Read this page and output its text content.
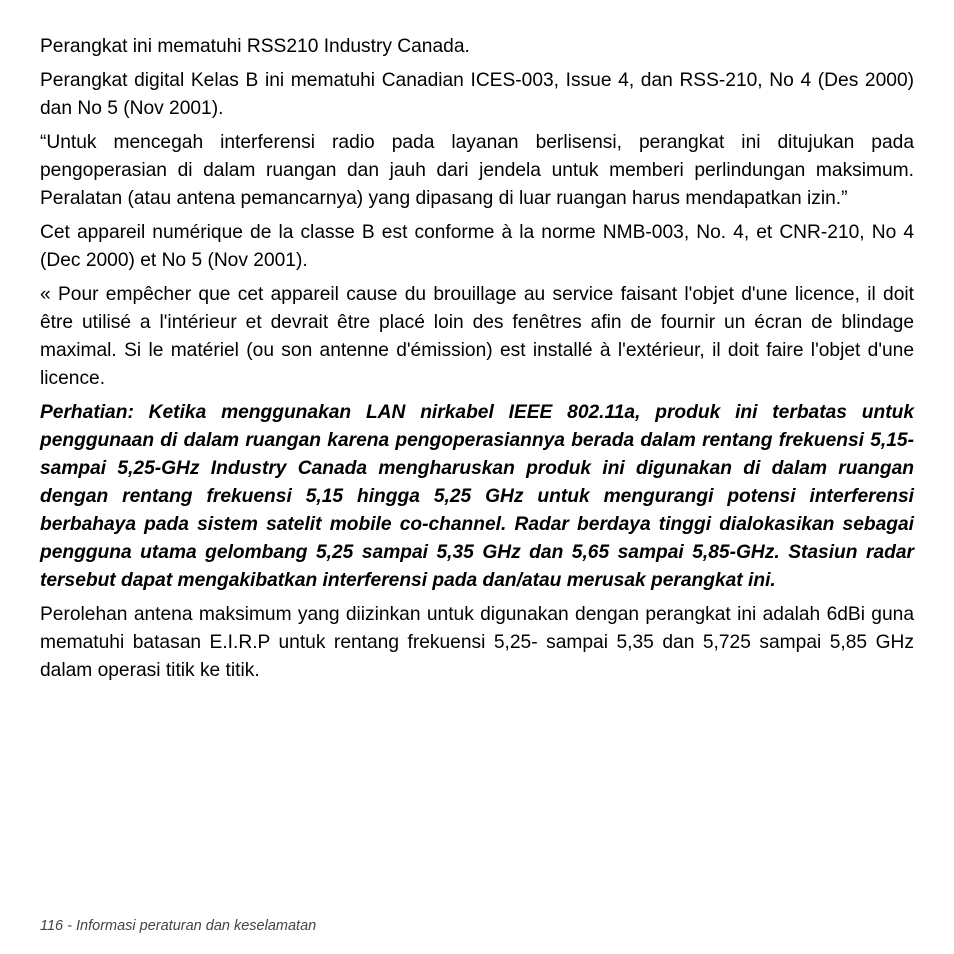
Perangkat ini mematuhi RSS210 Industry Canada.

Perangkat digital Kelas B ini mematuhi Canadian ICES-003, Issue 4, dan RSS-210, No 4 (Des 2000) dan No 5 (Nov 2001).

“Untuk mencegah interferensi radio pada layanan berlisensi, perangkat ini ditujukan pada pengoperasian di dalam ruangan dan jauh dari jendela untuk memberi perlindungan maksimum. Peralatan (atau antena pemancarnya) yang dipasang di luar ruangan harus mendapatkan izin.”

Cet appareil numérique de la classe B est conforme à la norme NMB-003, No. 4, et CNR-210, No 4 (Dec 2000) et No 5 (Nov 2001).

« Pour empêcher que cet appareil cause du brouillage au service faisant l'objet d'une licence, il doit être utilisé a l'intérieur et devrait être placé loin des fenêtres afin de fournir un écran de blindage maximal. Si le matériel (ou son antenne d'émission) est installé à l'extérieur, il doit faire l'objet d'une licence.

Perhatian: Ketika menggunakan LAN nirkabel IEEE 802.11a, produk ini terbatas untuk penggunaan di dalam ruangan karena pengoperasiannya berada dalam rentang frekuensi 5,15- sampai 5,25-GHz Industry Canada mengharuskan produk ini digunakan di dalam ruangan dengan rentang frekuensi 5,15 hingga 5,25 GHz untuk mengurangi potensi interferensi berbahaya pada sistem satelit mobile co-channel. Radar berdaya tinggi dialokasikan sebagai pengguna utama gelombang 5,25 sampai 5,35 GHz dan 5,65 sampai 5,85-GHz. Stasiun radar tersebut dapat mengakibatkan interferensi pada dan/atau merusak perangkat ini.

Perolehan antena maksimum yang diizinkan untuk digunakan dengan perangkat ini adalah 6dBi guna mematuhi batasan E.I.R.P untuk rentang frekuensi 5,25- sampai 5,35 dan 5,725 sampai 5,85 GHz dalam operasi titik ke titik.

116 - Informasi peraturan dan keselamatan
